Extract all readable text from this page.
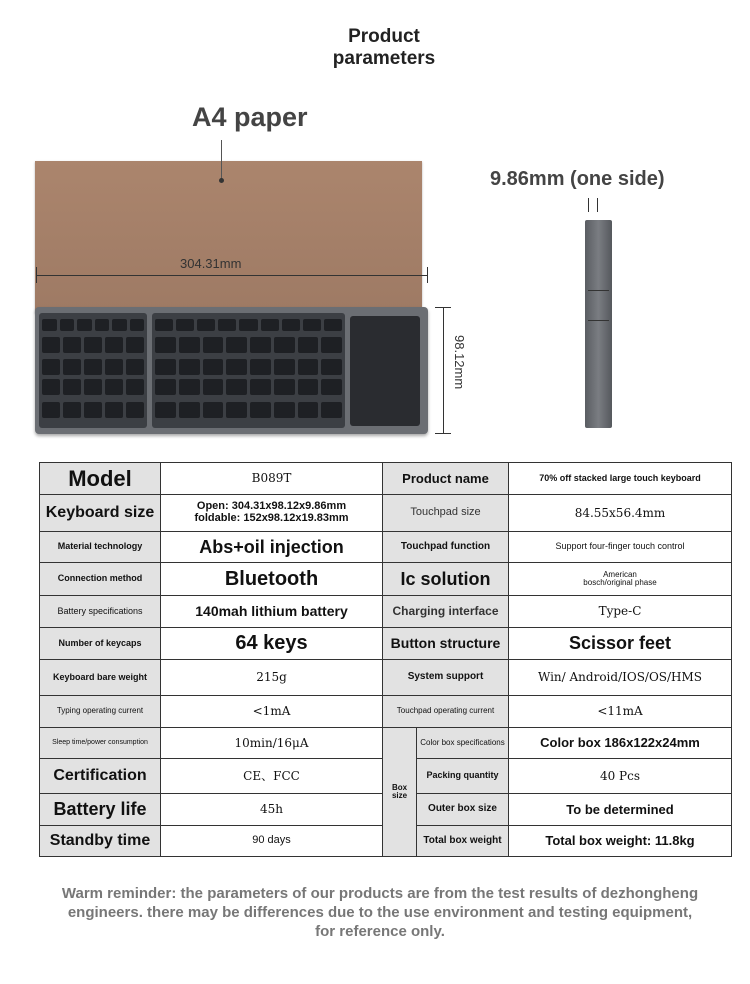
Product
parameters
A4 paper
9.86mm (one side)
304.31mm
98.12mm
Model	B089T	Product name		70% off stacked large touch keyboard
Keyboard size	Open: 304.31x98.12x9.86mm
foldable: 152x98.12x19.83mm	Touchpad size		84.55x56.4mm
Material technology	Abs+oil injection	Touchpad function		Support four-finger touch control
Connection method	Bluetooth	Ic solution		American
bosch/original phase

Battery specifications	140mah lithium battery	Charging interface		Type-C
Number of keycaps	64 keys	Button structure		Scissor feet
Keyboard bare weight	215g	System support		Win/ Android/IOS/OS/HMS
Typing operating current	<1mA	Touchpad operating current		<11mA
Sleep time/power consumption	10min/16μA	Box size	Color box specifications	Color box 186x122x24mm
Certification	CE、FCC		Packing quantity	40 Pcs
Battery life	45h		Outer box size	To be determined
Standby time	90 days		Total box weight	Total box weight: 11.8kg
Warm reminder: the parameters of our products are from the test results of dezhongheng
engineers. there may be differences due to the use environment and testing equipment,
for reference only.
